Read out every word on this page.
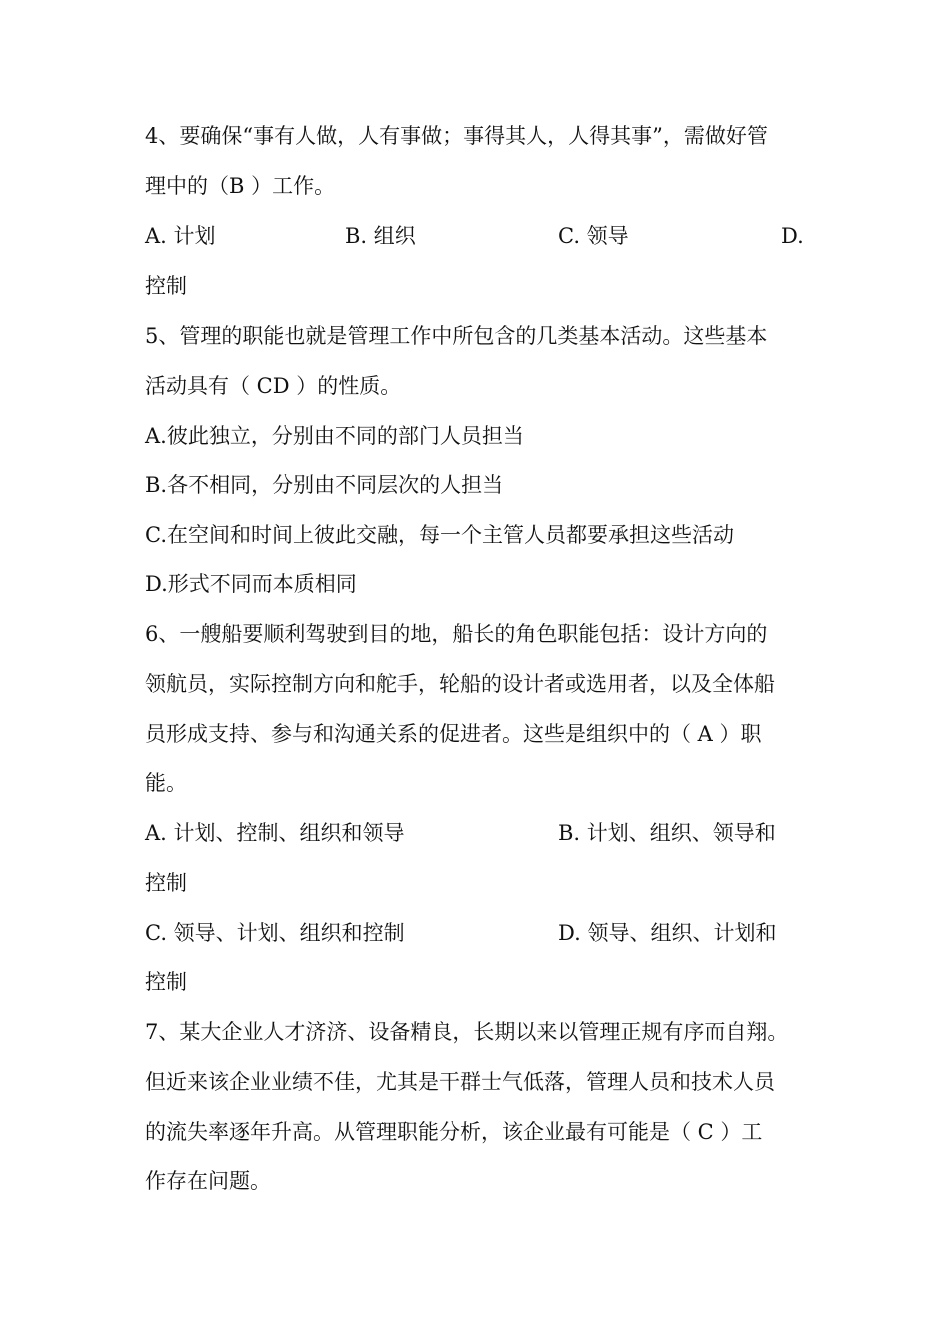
4、要确保“事有人做，人有事做；事得其人，人得其事”，需做好管
理中的（B ）工作。
A. 计划	B. 组织	C. 领导	D.
控制
5、管理的职能也就是管理工作中所包含的几类基本活动。这些基本
活动具有（ CD ）的性质。
A.彼此独立，分别由不同的部门人员担当
B.各不相同，分别由不同层次的人担当
C.在空间和时间上彼此交融，每一个主管人员都要承担这些活动
D.形式不同而本质相同
6、一艘船要顺利驾驶到目的地，船长的角色职能包括：设计方向的
领航员，实际控制方向和舵手，轮船的设计者或选用者，以及全体船
员形成支持、参与和沟通关系的促进者。这些是组织中的（ A ）职
能。
A. 计划、控制、组织和领导	B. 计划、组织、领导和
控制
C. 领导、计划、组织和控制	D. 领导、组织、计划和
控制
7、某大企业人才济济、设备精良，长期以来以管理正规有序而自翔。
但近来该企业业绩不佳，尤其是干群士气低落，管理人员和技术人员
的流失率逐年升高。从管理职能分析，该企业最有可能是（ C ）工
作存在问题。
